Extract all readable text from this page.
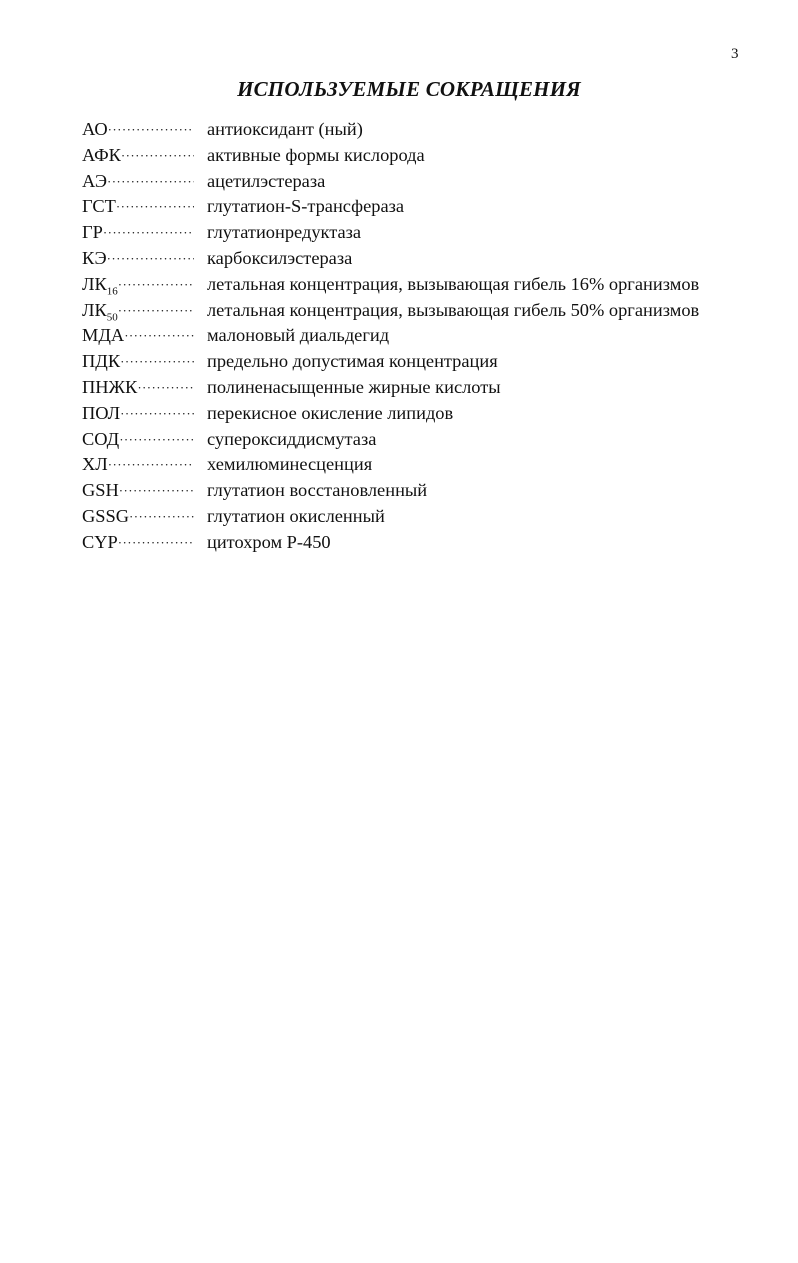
3
ИСПОЛЬЗУЕМЫЕ СОКРАЩЕНИЯ
АО ·····	антиоксидант (ный)
АФК ·····	активные формы кислорода
АЭ ·····	ацетилэстераза
ГСТ ·····	глутатион-S-трансфераза
ГР ·····	глутатионредуктаза
КЭ ·····	карбоксилэстераза
$ЛК_{16}$ ·····	летальная концентрация, вызывающая гибель 16% организмов
$ЛК_{50}$ ·····	летальная концентрация, вызывающая гибель 50% организмов
МДА ·····	малоновый диальдегид
ПДК ·····	предельно допустимая концентрация
ПНЖК ·····	полиненасыщенные жирные кислоты
ПОЛ ·····	перекисное окисление липидов
СОД ·····	супероксиддисмутаза
ХЛ ·····	хемилюминесценция
GSH ·····	глутатион восстановленный
GSSG ·····	глутатион окисленный
CYP ·····	цитохром Р-450
